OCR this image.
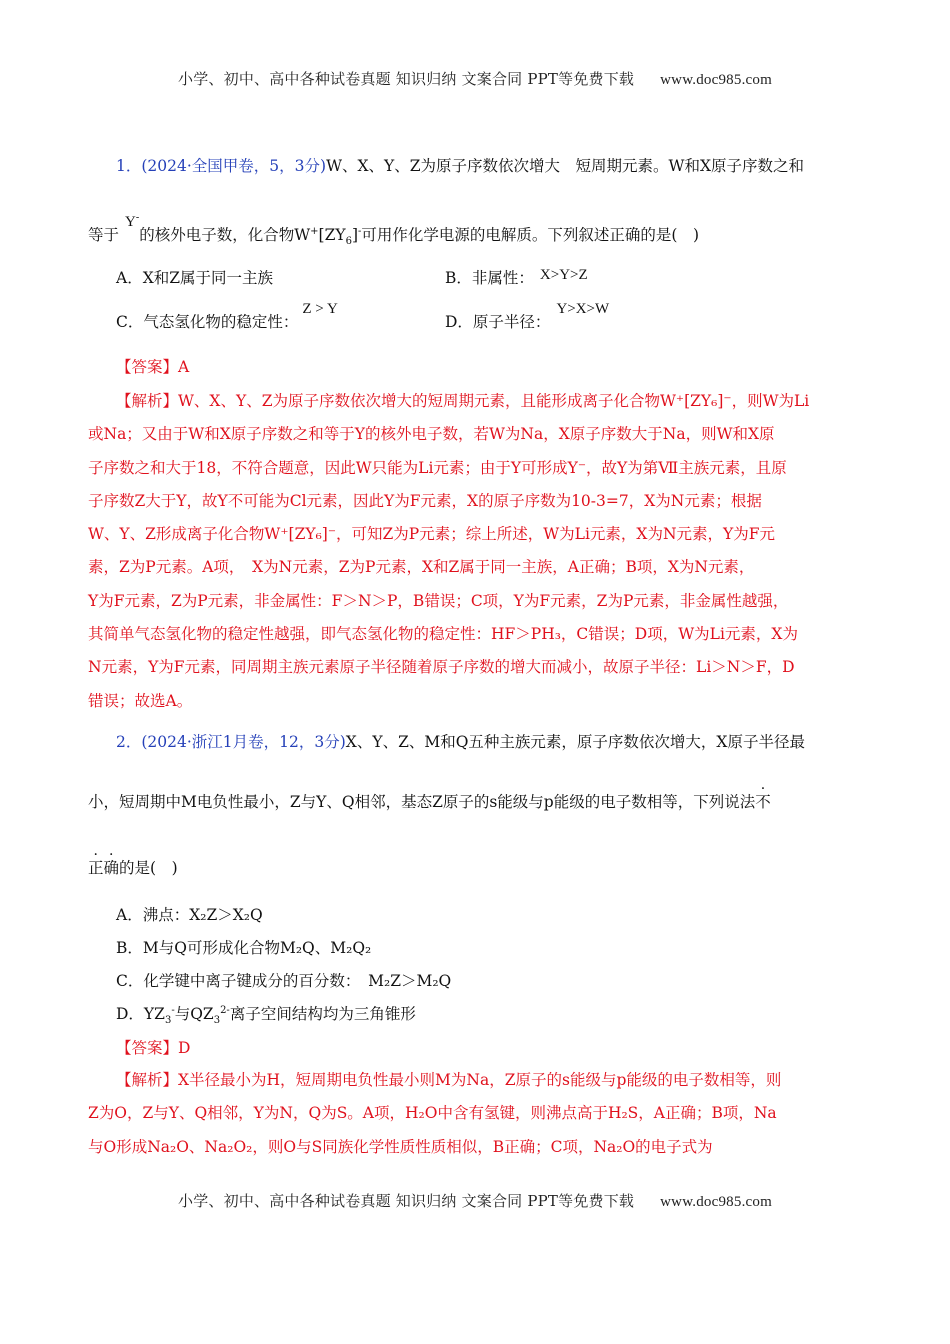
小学、初中、高中各种试卷真题 知识归纳 文案合同 PPT等免费下载 www.doc985.com
1．(2024·全国甲卷，5，3分)W、X、Y、Z为原子序数依次增大　短周期元素。W和X原子序数之和
等于Y-的核外电子数，化合物$W^+[ZY_6]^-$可用作化学电源的电解质。下列叙述正确的是(　)
A．X和Z属于同一主族	B．非属性： X>Y>Z
C．气态氢化物的稳定性：Z > Y
D．原子半径：Y>X>W
【答案】A
【解析】W、X、Y、Z为原子序数依次增大的短周期元素，且能形成离子化合物W⁺[ZY₆]⁻，则W为Li
或Na；又由于W和X原子序数之和等于Y的核外电子数，若W为Na，X原子序数大于Na，则W和X原
子序数之和大于18，不符合题意，因此W只能为Li元素；由于Y可形成Y⁻，故Y为第Ⅶ主族元素，且原
子序数Z大于Y，故Y不可能为Cl元素，因此Y为F元素，X的原子序数为10-3=7，X为N元素；根据
W、Y、Z形成离子化合物W⁺[ZY₆]⁻，可知Z为P元素；综上所述，W为Li元素，X为N元素，Y为F元
素，Z为P元素。A项，　X为N元素，Z为P元素，X和Z属于同一主族，A正确；B项，X为N元素，
Y为F元素，Z为P元素，非金属性：F＞N＞P，B错误；C项，Y为F元素，Z为P元素，非金属性越强，
其简单气态氢化物的稳定性越强，即气态氢化物的稳定性：HF＞PH₃，C错误；D项，W为Li元素，X为
N元素，Y为F元素，同周期主族元素原子半径随着原子序数的增大而减小，故原子半径：Li＞N＞F，D
错误；故选A。
2．(2024·浙江1月卷，12，3分)X、Y、Z、M和Q五种主族元素，原子序数依次增大，X原子半径最
小，短周期中M电负性最小，Z与Y、Q相邻，基态Z原子的s能级与p能级的电子数相等，下列说法不
正确的是(　)
A．沸点：X₂Z＞X₂Q
B．M与Q可形成化合物M₂Q、M₂Q₂
C．化学键中离子键成分的百分数：　M₂Z＞M₂Q
D．$YZ_3^-$与$QZ_3^{2-}$离子空间结构均为三角锥形
【答案】D
【解析】X半径最小为H，短周期电负性最小则M为Na，Z原子的s能级与p能级的电子数相等，则
Z为O，Z与Y、Q相邻，Y为N，Q为S。A项，H₂O中含有氢键，则沸点高于H₂S，A正确；B项，Na
与O形成Na₂O、Na₂O₂，则O与S同族化学性质性质相似，B正确；C项，Na₂O的电子式为
小学、初中、高中各种试卷真题 知识归纳 文案合同 PPT等免费下载 www.doc985.com
